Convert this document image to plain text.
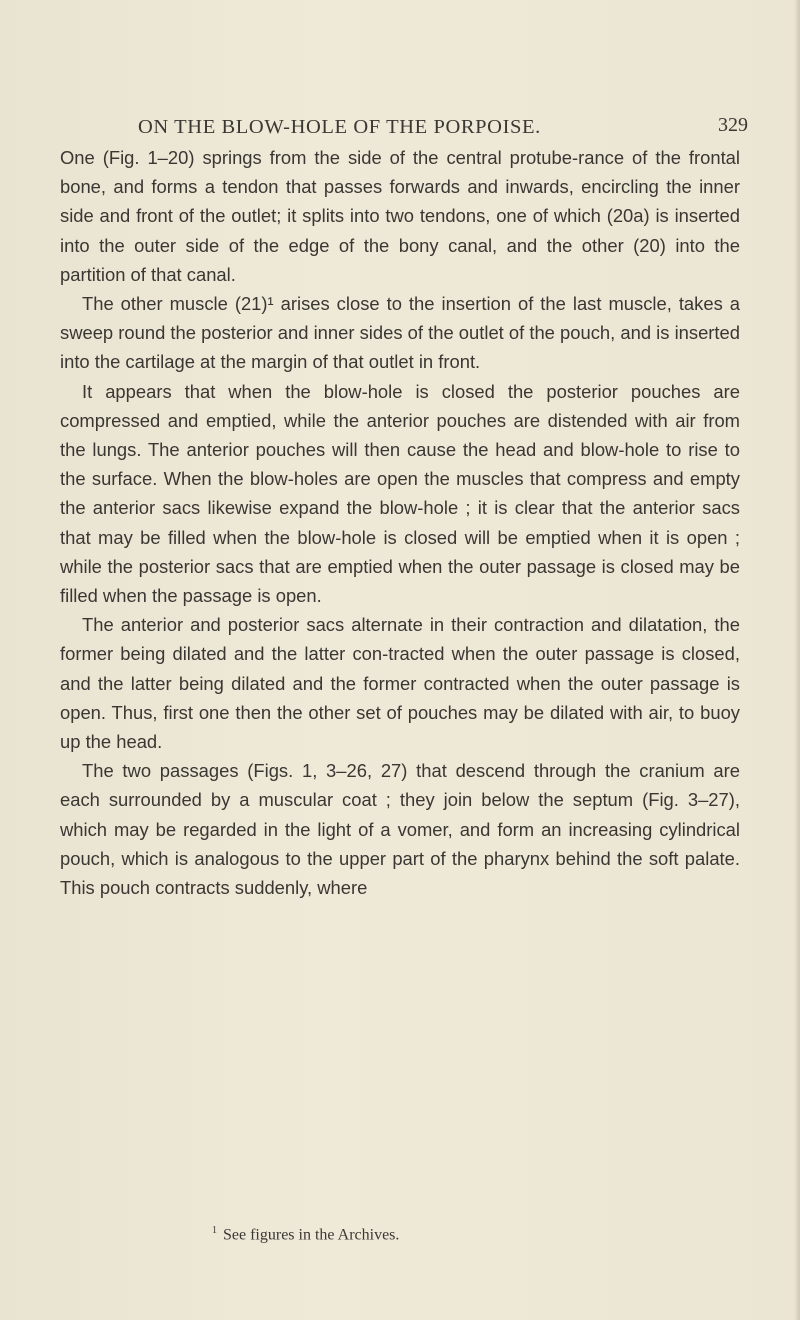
ON THE BLOW-HOLE OF THE PORPOISE.	329

One (Fig. 1–20) springs from the side of the central protube-rance of the frontal bone, and forms a tendon that passes forwards and inwards, encircling the inner side and front of the outlet; it splits into two tendons, one of which (20a) is inserted into the outer side of the edge of the bony canal, and the other (20) into the partition of that canal.

The other muscle (21)¹ arises close to the insertion of the last muscle, takes a sweep round the posterior and inner sides of the outlet of the pouch, and is inserted into the cartilage at the margin of that outlet in front.

It appears that when the blow-hole is closed the posterior pouches are compressed and emptied, while the anterior pouches are distended with air from the lungs. The anterior pouches will then cause the head and blow-hole to rise to the surface. When the blow-holes are open the muscles that compress and empty the anterior sacs likewise expand the blow-hole ; it is clear that the anterior sacs that may be filled when the blow-hole is closed will be emptied when it is open ; while the posterior sacs that are emptied when the outer passage is closed may be filled when the passage is open.

The anterior and posterior sacs alternate in their contraction and dilatation, the former being dilated and the latter con-tracted when the outer passage is closed, and the latter being dilated and the former contracted when the outer passage is open. Thus, first one then the other set of pouches may be dilated with air, to buoy up the head.

The two passages (Figs. 1, 3–26, 27) that descend through the cranium are each surrounded by a muscular coat ; they join below the septum (Fig. 3–27), which may be regarded in the light of a vomer, and form an increasing cylindrical pouch, which is analogous to the upper part of the pharynx behind the soft palate. This pouch contracts suddenly, where

$^1$ See figures in the Archives.
